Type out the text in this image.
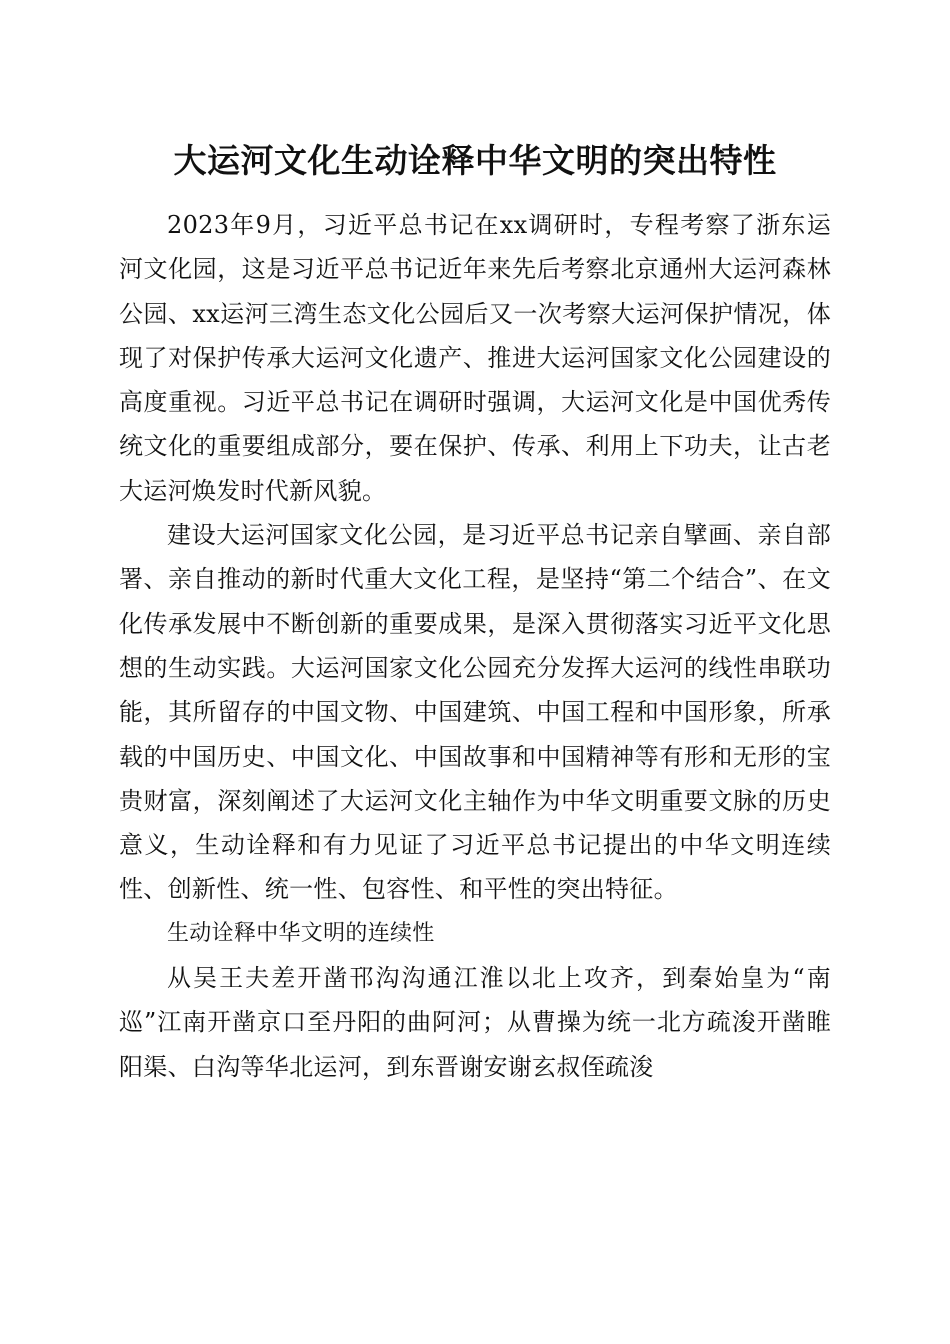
大运河文化生动诠释中华文明的突出特性

2023年9月，习近平总书记在xx调研时，专程考察了浙东运河文化园，这是习近平总书记近年来先后考察北京通州大运河森林公园、xx运河三湾生态文化公园后又一次考察大运河保护情况，体现了对保护传承大运河文化遗产、推进大运河国家文化公园建设的高度重视。习近平总书记在调研时强调，大运河文化是中国优秀传统文化的重要组成部分，要在保护、传承、利用上下功夫，让古老大运河焕发时代新风貌。

建设大运河国家文化公园，是习近平总书记亲自擘画、亲自部署、亲自推动的新时代重大文化工程，是坚持“第二个结合”、在文化传承发展中不断创新的重要成果，是深入贯彻落实习近平文化思想的生动实践。大运河国家文化公园充分发挥大运河的线性串联功能，其所留存的中国文物、中国建筑、中国工程和中国形象，所承载的中国历史、中国文化、中国故事和中国精神等有形和无形的宝贵财富，深刻阐述了大运河文化主轴作为中华文明重要文脉的历史意义，生动诠释和有力见证了习近平总书记提出的中华文明连续性、创新性、统一性、包容性、和平性的突出特征。

生动诠释中华文明的连续性

从吴王夫差开凿邗沟沟通江淮以北上攻齐，到秦始皇为“南巡”江南开凿京口至丹阳的曲阿河；从曹操为统一北方疏浚开凿睢阳渠、白沟等华北运河，到东晋谢安谢玄叔侄疏浚
